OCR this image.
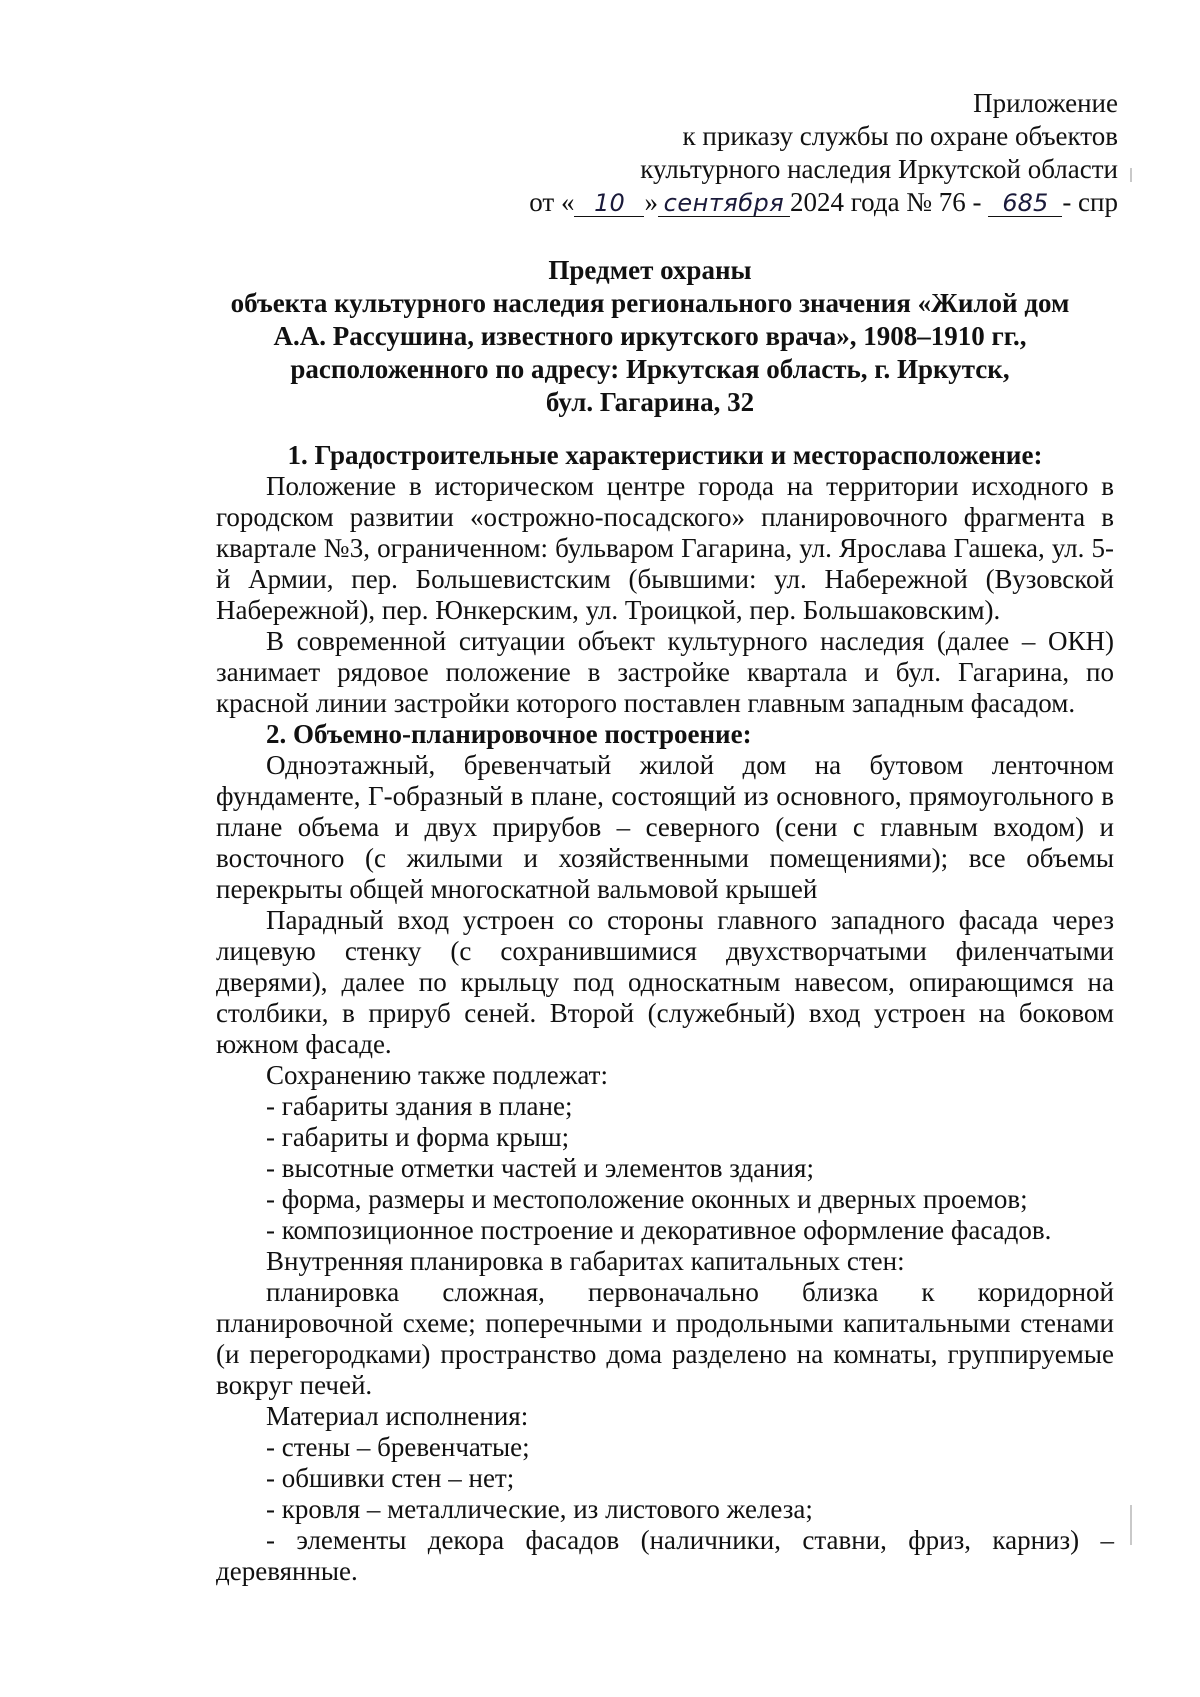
Приложение
к приказу службы по охране объектов
культурного наследия Иркутской области
от « 10 » сентября 2024 года № 76 - 685 - спр
Предмет охраны
объекта культурного наследия регионального значения «Жилой дом
А.А. Рассушина, известного иркутского врача», 1908–1910 гг.,
расположенного по адресу: Иркутская область, г. Иркутск,
бул. Гагарина, 32

1. Градостроительные характеристики и месторасположение:

Положение в историческом центре города на территории исходного в городском развитии «острожно-посадского» планировочного фрагмента в квартале №3, ограниченном: бульваром Гагарина, ул. Ярослава Гашека, ул. 5-й Армии, пер. Большевистским (бывшими: ул. Набережной (Вузовской Набережной), пер. Юнкерским, ул. Троицкой, пер. Большаковским).

В современной ситуации объект культурного наследия (далее – ОКН) занимает рядовое положение в застройке квартала и бул. Гагарина, по красной линии застройки которого поставлен главным западным фасадом.

2. Объемно-планировочное построение:

Одноэтажный, бревенчатый жилой дом на бутовом ленточном фундаменте, Г-образный в плане, состоящий из основного, прямоугольного в плане объема и двух прирубов – северного (сени с главным входом) и восточного (с жилыми и хозяйственными помещениями); все объемы перекрыты общей многоскатной вальмовой крышей

Парадный вход устроен со стороны главного западного фасада через лицевую стенку (с сохранившимися двухстворчатыми филенчатыми дверями), далее по крыльцу под односкатным навесом, опирающимся на столбики, в прируб сеней. Второй (служебный) вход устроен на боковом южном фасаде.

Сохранению также подлежат:

- габариты здания в плане;

- габариты и форма крыш;

- высотные отметки частей и элементов здания;

- форма, размеры и местоположение оконных и дверных проемов;

- композиционное построение и декоративное оформление фасадов.

Внутренняя планировка в габаритах капитальных стен:

планировка сложная, первоначально близка к коридорной планировочной схеме; поперечными и продольными капитальными стенами (и перегородками) пространство дома разделено на комнаты, группируемые вокруг печей.

Материал исполнения:

- стены – бревенчатые;

- обшивки стен – нет;

- кровля – металлические, из листового железа;

- элементы декора фасадов (наличники, ставни, фриз, карниз) – деревянные.
